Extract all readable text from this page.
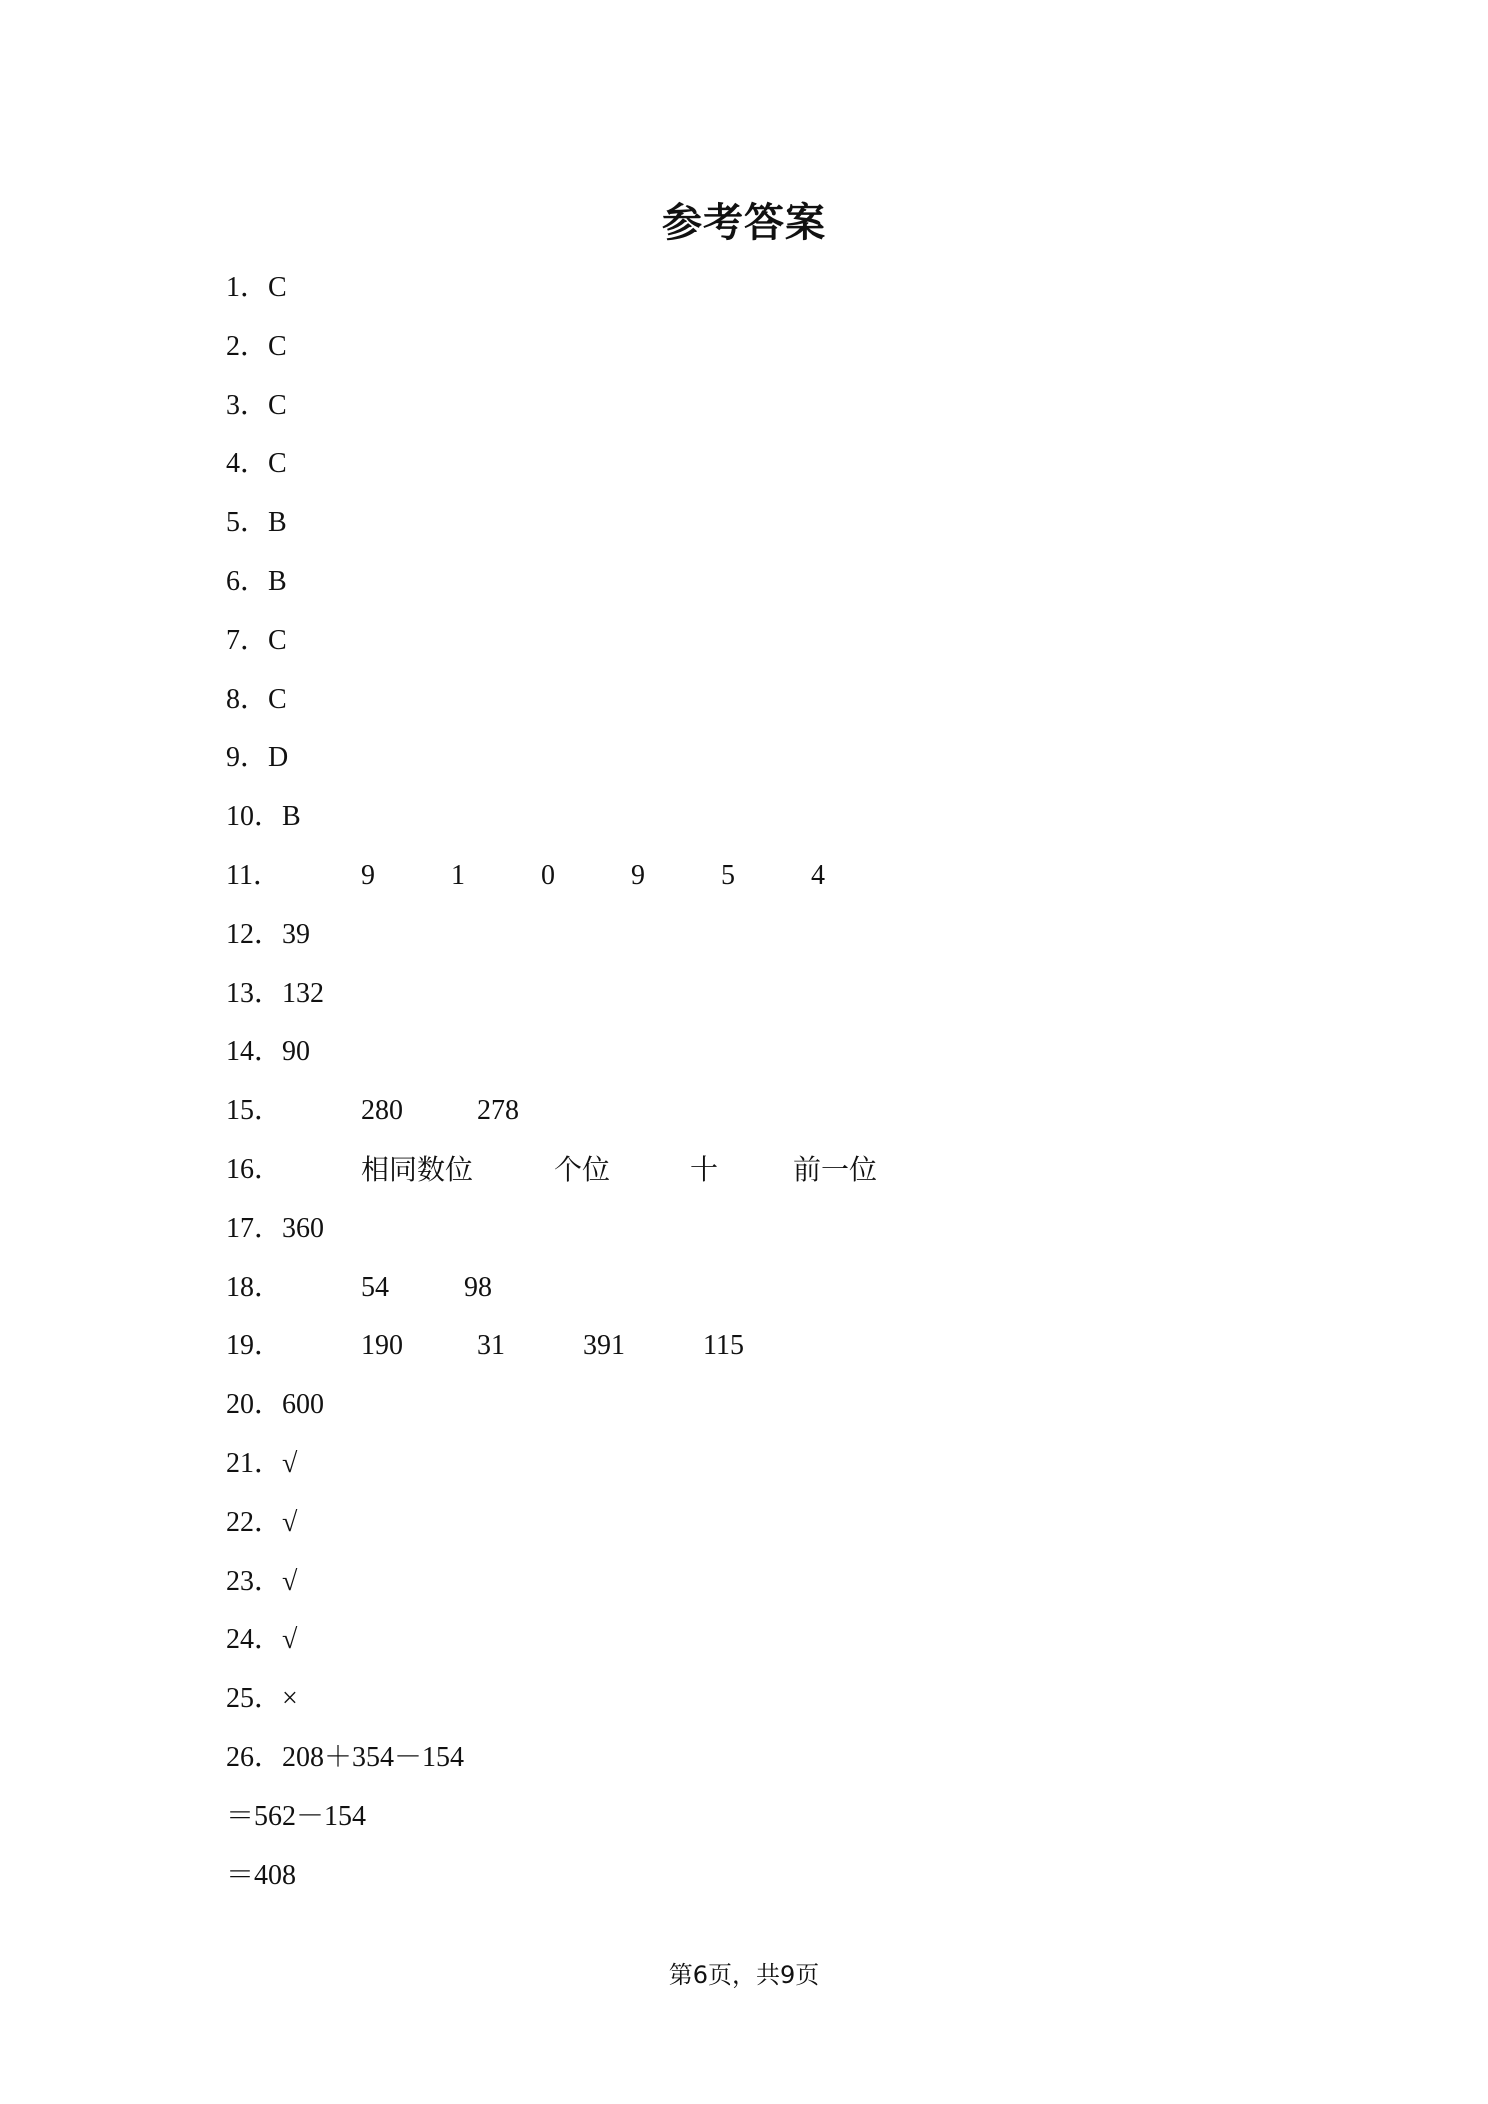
参考答案
1．C
2．C
3．C
4．C
5．B
6．B
7．C
8．C
9．D
10．B
11．	9	1	0	9	5	4
12．39
13．132
14．90
15．	280	278
16．	相同数位	个位	十	前一位
17．360
18．	54	98
19．	190	31	391	115
20．600
21．√
22．√
23．√
24．√
25．×
26．208＋354－154
＝562－154
＝408
第6页，共9页
